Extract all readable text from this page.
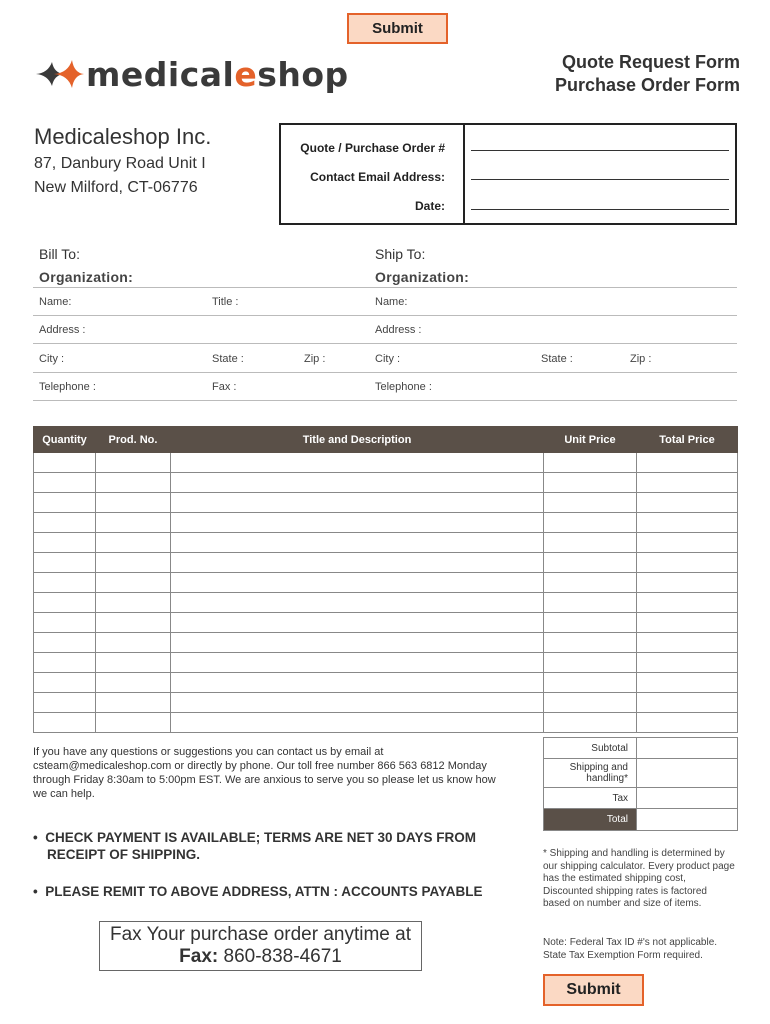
Submit
medicaleshop	Quote Request Form
Purchase Order Form
Medicaleshop Inc.
87, Danbury Road Unit I
New Milford, CT-06776
Quote / Purchase Order #
Contact Email Address:
Date:
Bill To:
Organization:
Ship To:
Organization:
Name:	Title :	Name:
Address :	Address :
City :	State :	Zip :	City :	State :	Zip :
Telephone :	Fax :	Telephone :
Quantity	Prod. No.	Title and Description	Unit Price	Total Price

Subtotal	
Shipping and handling*	
Tax	
Total	
If you have any questions or suggestions you can contact us by email at csteam@medicaleshop.com or directly by phone. Our toll free number 866 563 6812 Monday through Friday 8:30am to 5:00pm EST. We are anxious to serve you so please let us know how we can help.
•  CHECK PAYMENT IS AVAILABLE; TERMS ARE NET 30 DAYS FROM RECEIPT OF SHIPPING.
•  PLEASE REMIT TO ABOVE ADDRESS, ATTN : ACCOUNTS PAYABLE
Fax Your purchase order anytime at
Fax: 860-838-4671
* Shipping and handling is determined by our shipping calculator. Every product page has the estimated shipping cost, Discounted shipping rates is factored based on number and size of items.
Note: Federal Tax ID #'s not applicable. State Tax Exemption Form required.
Submit
